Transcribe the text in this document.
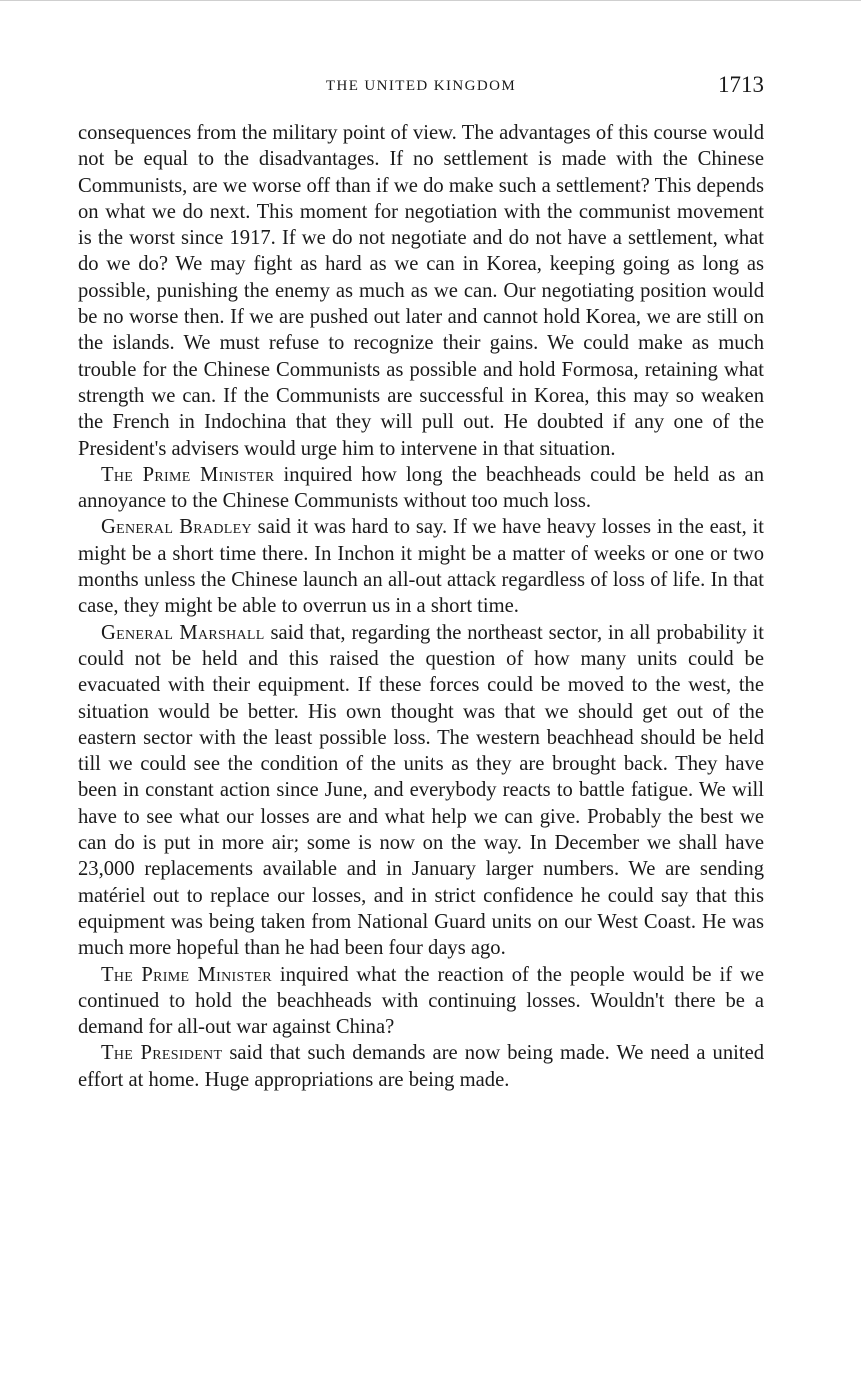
THE UNITED KINGDOM	1713

consequences from the military point of view. The advantages of this course would not be equal to the disadvantages. If no settlement is made with the Chinese Communists, are we worse off than if we do make such a settlement? This depends on what we do next. This moment for negotiation with the communist movement is the worst since 1917. If we do not negotiate and do not have a settlement, what do we do? We may fight as hard as we can in Korea, keeping going as long as possible, punishing the enemy as much as we can. Our negotiating position would be no worse then. If we are pushed out later and cannot hold Korea, we are still on the islands. We must refuse to recognize their gains. We could make as much trouble for the Chinese Communists as possible and hold Formosa, retaining what strength we can. If the Communists are successful in Korea, this may so weaken the French in Indochina that they will pull out. He doubted if any one of the President's advisers would urge him to intervene in that situation.

The Prime Minister inquired how long the beachheads could be held as an annoyance to the Chinese Communists without too much loss.

General Bradley said it was hard to say. If we have heavy losses in the east, it might be a short time there. In Inchon it might be a matter of weeks or one or two months unless the Chinese launch an all-out attack regardless of loss of life. In that case, they might be able to overrun us in a short time.

General Marshall said that, regarding the northeast sector, in all probability it could not be held and this raised the question of how many units could be evacuated with their equipment. If these forces could be moved to the west, the situation would be better. His own thought was that we should get out of the eastern sector with the least possible loss. The western beachhead should be held till we could see the condition of the units as they are brought back. They have been in constant action since June, and everybody reacts to battle fatigue. We will have to see what our losses are and what help we can give. Probably the best we can do is put in more air; some is now on the way. In December we shall have 23,000 replacements available and in January larger numbers. We are sending matériel out to replace our losses, and in strict confidence he could say that this equipment was being taken from National Guard units on our West Coast. He was much more hopeful than he had been four days ago.

The Prime Minister inquired what the reaction of the people would be if we continued to hold the beachheads with continuing losses. Wouldn't there be a demand for all-out war against China?

The President said that such demands are now being made. We need a united effort at home. Huge appropriations are being made.
